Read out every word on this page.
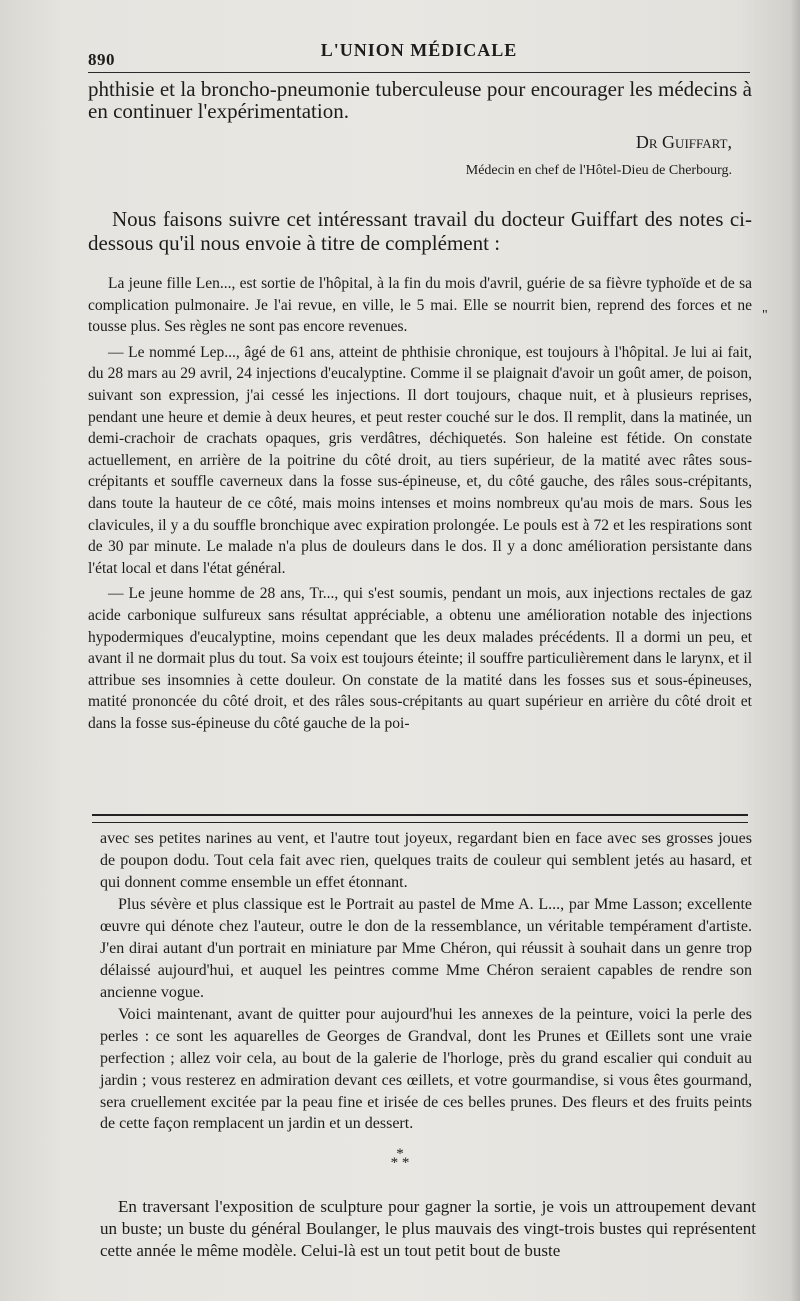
890	L'UNION MÉDICALE

phthisie et la broncho-pneumonie tuberculeuse pour encourager les médecins à en continuer l'expérimentation.

Dr Guiffart,
Médecin en chef de l'Hôtel-Dieu de Cherbourg.

Nous faisons suivre cet intéressant travail du docteur Guiffart des notes ci-dessous qu'il nous envoie à titre de complément :

La jeune fille Len..., est sortie de l'hôpital, à la fin du mois d'avril, guérie de sa fièvre typhoïde et de sa complication pulmonaire. Je l'ai revue, en ville, le 5 mai. Elle se nourrit bien, reprend des forces et ne tousse plus. Ses règles ne sont pas encore revenues.

— Le nommé Lep..., âgé de 61 ans, atteint de phthisie chronique, est toujours à l'hôpital. Je lui ai fait, du 28 mars au 29 avril, 24 injections d'eucalyptine. Comme il se plaignait d'avoir un goût amer, de poison, suivant son expression, j'ai cessé les injections. Il dort toujours, chaque nuit, et à plusieurs reprises, pendant une heure et demie à deux heures, et peut rester couché sur le dos. Il remplit, dans la matinée, un demi-crachoir de crachats opaques, gris verdâtres, déchiquetés. Son haleine est fétide. On constate actuellement, en arrière de la poitrine du côté droit, au tiers supérieur, de la matité avec râtes sous-crépitants et souffle caverneux dans la fosse sus-épineuse, et, du côté gauche, des râles sous-crépitants, dans toute la hauteur de ce côté, mais moins intenses et moins nombreux qu'au mois de mars. Sous les clavicules, il y a du souffle bronchique avec expiration prolongée. Le pouls est à 72 et les respirations sont de 30 par minute. Le malade n'a plus de douleurs dans le dos. Il y a donc amélioration persistante dans l'état local et dans l'état général.

— Le jeune homme de 28 ans, Tr..., qui s'est soumis, pendant un mois, aux injections rectales de gaz acide carbonique sulfureux sans résultat appréciable, a obtenu une amélioration notable des injections hypodermiques d'eucalyptine, moins cependant que les deux malades précédents. Il a dormi un peu, et avant il ne dormait plus du tout. Sa voix est toujours éteinte; il souffre particulièrement dans le larynx, et il attribue ses insomnies à cette douleur. On constate de la matité dans les fosses sus et sous-épineuses, matité prononcée du côté droit, et des râles sous-crépitants au quart supérieur en arrière du côté droit et dans la fosse sus-épineuse du côté gauche de la poi-

"

avec ses petites narines au vent, et l'autre tout joyeux, regardant bien en face avec ses grosses joues de poupon dodu. Tout cela fait avec rien, quelques traits de couleur qui semblent jetés au hasard, et qui donnent comme ensemble un effet étonnant.

Plus sévère et plus classique est le Portrait au pastel de Mme A. L..., par Mme Lasson; excellente œuvre qui dénote chez l'auteur, outre le don de la ressemblance, un véritable tempérament d'artiste. J'en dirai autant d'un portrait en miniature par Mme Chéron, qui réussit à souhait dans un genre trop délaissé aujourd'hui, et auquel les peintres comme Mme Chéron seraient capables de rendre son ancienne vogue.

Voici maintenant, avant de quitter pour aujourd'hui les annexes de la peinture, voici la perle des perles : ce sont les aquarelles de Georges de Grandval, dont les Prunes et Œillets sont une vraie perfection ; allez voir cela, au bout de la galerie de l'horloge, près du grand escalier qui conduit au jardin ; vous resterez en admiration devant ces œillets, et votre gourmandise, si vous êtes gourmand, sera cruellement excitée par la peau fine et irisée de ces belles prunes. Des fleurs et des fruits peints de cette façon remplacent un jardin et un dessert.

*
* *

En traversant l'exposition de sculpture pour gagner la sortie, je vois un attroupement devant un buste; un buste du général Boulanger, le plus mauvais des vingt-trois bustes qui représentent cette année le même modèle. Celui-là est un tout petit bout de buste
